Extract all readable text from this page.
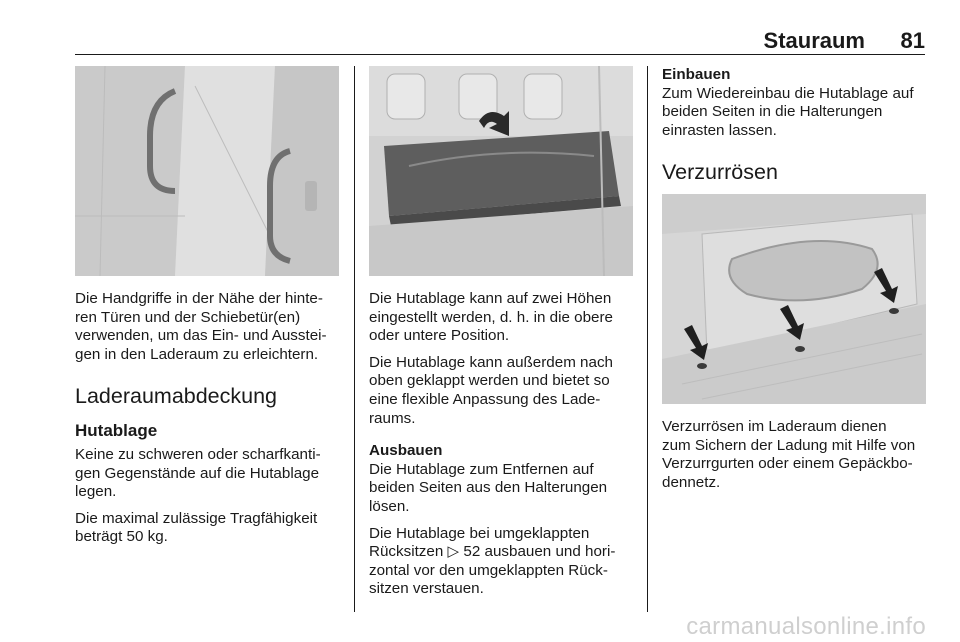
Stauraum 81

Die Handgriffe in der Nähe der hinte-

ren Türen und der Schiebetür(en)

verwenden, um das Ein- und Ausstei-

gen in den Laderaum zu erleichtern.

Laderaumabdeckung
Hutablage

Keine zu schweren oder scharfkanti-

gen Gegenstände auf die Hutablage

legen.

Die maximal zulässige Tragfähigkeit

beträgt 50 kg.

Die Hutablage kann auf zwei Höhen

eingestellt werden, d. h. in die obere

oder untere Position.

Die Hutablage kann außerdem nach

oben geklappt werden und bietet so

eine flexible Anpassung des Lade-

raums.

Ausbauen

Die Hutablage zum Entfernen auf

beiden Seiten aus den Halterungen

lösen.

Die Hutablage bei umgeklappten

Rücksitzen ▷ 52 ausbauen und hori-

zontal vor den umgeklappten Rück-

sitzen verstauen.

Einbauen

Zum Wiedereinbau die Hutablage auf

beiden Seiten in die Halterungen

einrasten lassen.

Verzurrösen

Verzurrösen im Laderaum dienen

zum Sichern der Ladung mit Hilfe von

Verzurrgurten oder einem Gepäckbo-

dennetz.

carmanualsonline.info
